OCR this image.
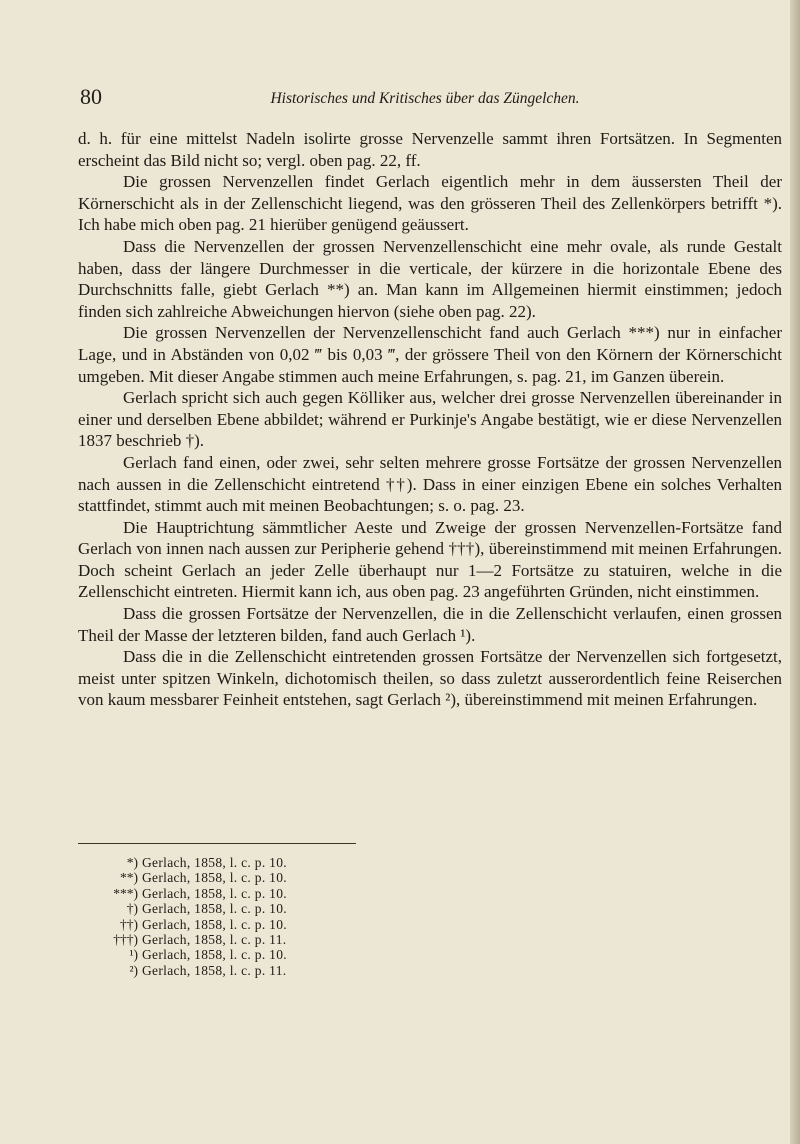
80	Historisches und Kritisches über das Züngelchen.

d. h. für eine mittelst Nadeln isolirte grosse Nervenzelle sammt ihren Fortsätzen. In Segmenten erscheint das Bild nicht so; vergl. oben pag. 22, ff.

Die grossen Nervenzellen findet Gerlach eigentlich mehr in dem äussersten Theil der Körnerschicht als in der Zellenschicht liegend, was den grösseren Theil des Zellenkörpers betrifft *). Ich habe mich oben pag. 21 hierüber genügend geäussert.

Dass die Nervenzellen der grossen Nervenzellenschicht eine mehr ovale, als runde Gestalt haben, dass der längere Durchmesser in die verticale, der kürzere in die horizontale Ebene des Durchschnitts falle, giebt Gerlach **) an. Man kann im Allgemeinen hiermit einstimmen; jedoch finden sich zahlreiche Abweichungen hiervon (siehe oben pag. 22).

Die grossen Nervenzellen der Nervenzellenschicht fand auch Gerlach ***) nur in einfacher Lage, und in Abständen von 0,02 ‴ bis 0,03 ‴, der grössere Theil von den Körnern der Körnerschicht umgeben. Mit dieser Angabe stimmen auch meine Erfahrungen, s. pag. 21, im Ganzen überein.

Gerlach spricht sich auch gegen Kölliker aus, welcher drei grosse Nervenzellen übereinander in einer und derselben Ebene abbildet; während er Purkinje's Angabe bestätigt, wie er diese Nervenzellen 1837 beschrieb †).

Gerlach fand einen, oder zwei, sehr selten mehrere grosse Fortsätze der grossen Nervenzellen nach aussen in die Zellenschicht eintretend ††). Dass in einer einzigen Ebene ein solches Verhalten stattfindet, stimmt auch mit meinen Beobachtungen; s. o. pag. 23.

Die Hauptrichtung sämmtlicher Aeste und Zweige der grossen Nervenzellen-Fortsätze fand Gerlach von innen nach aussen zur Peripherie gehend †††), übereinstimmend mit meinen Erfahrungen. Doch scheint Gerlach an jeder Zelle überhaupt nur 1—2 Fortsätze zu statuiren, welche in die Zellenschicht eintreten. Hiermit kann ich, aus oben pag. 23 angeführten Gründen, nicht einstimmen.

Dass die grossen Fortsätze der Nervenzellen, die in die Zellenschicht verlaufen, einen grossen Theil der Masse der letzteren bilden, fand auch Gerlach ¹).

Dass die in die Zellenschicht eintretenden grossen Fortsätze der Nervenzellen sich fortgesetzt, meist unter spitzen Winkeln, dichotomisch theilen, so dass zuletzt ausserordentlich feine Reiserchen von kaum messbarer Feinheit entstehen, sagt Gerlach ²), übereinstimmend mit meinen Erfahrungen.

*) Gerlach, 1858, l. c. p. 10.
**) Gerlach, 1858, l. c. p. 10.
***) Gerlach, 1858, l. c. p. 10.
†) Gerlach, 1858, l. c. p. 10.
††) Gerlach, 1858, l. c. p. 10.
†††) Gerlach, 1858, l. c. p. 11.
¹) Gerlach, 1858, l. c. p. 10.
²) Gerlach, 1858, l. c. p. 11.
